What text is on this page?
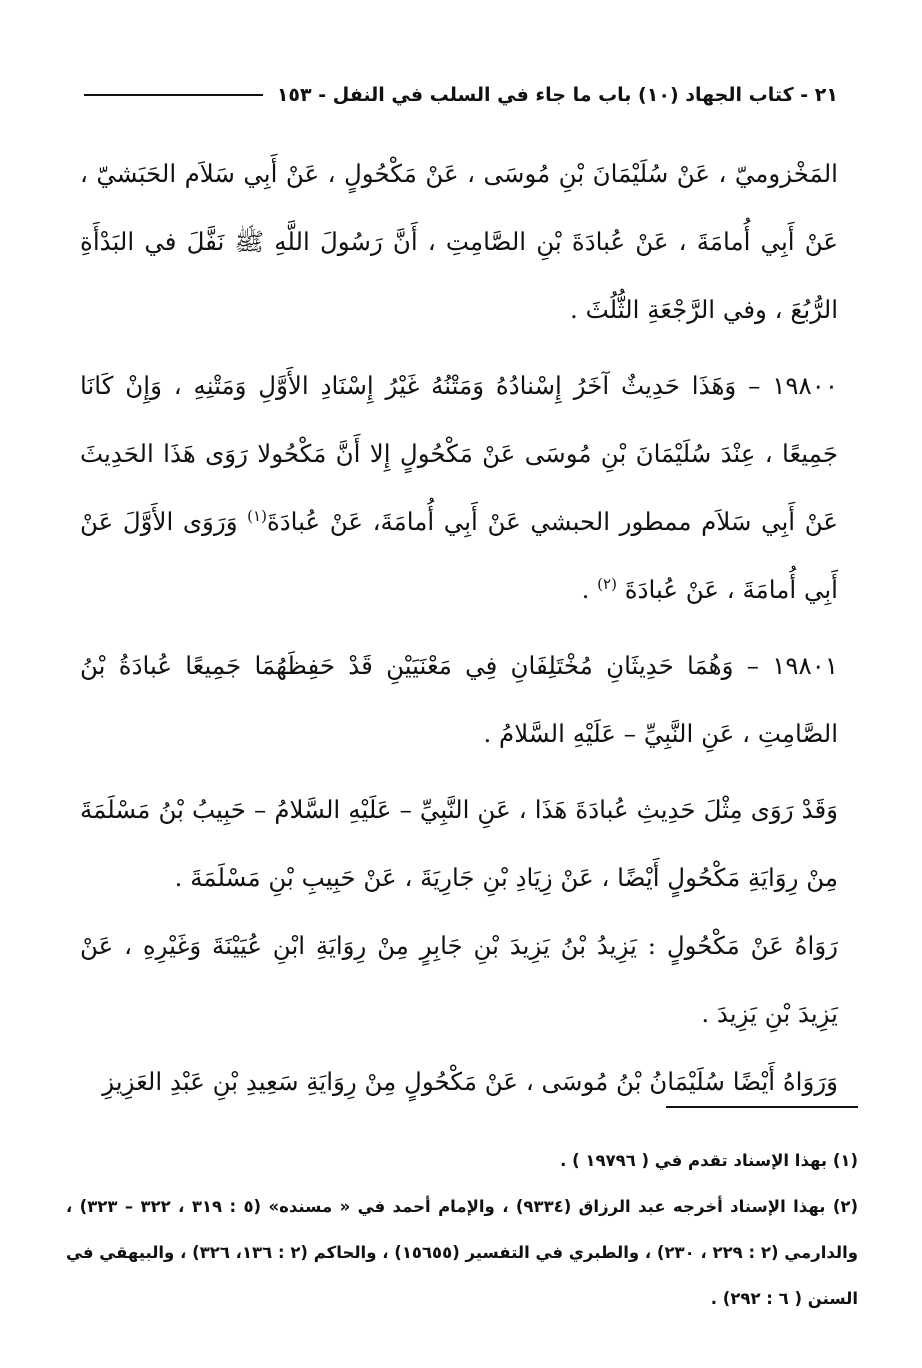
٢١ - كتاب الجهاد (١٠) باب ما جاء في السلب في النفل - ١٥٣

المَخْزوميّ ، عَنْ سُلَيْمَانَ بْنِ مُوسَى ، عَنْ مَكْحُولٍ ، عَنْ أَبِي سَلاَم الحَبَشيّ ، عَنْ أَبِي أُمامَةَ ، عَنْ عُبادَةَ بْنِ الصَّامِتِ ، أَنَّ رَسُولَ اللَّهِ ﷺ نَفَّلَ في البَدْأَةِ الرُّبُعَ ، وفي الرَّجْعَةِ الثُّلُثَ .

١٩٨٠٠ – وَهَذَا حَدِيثٌ آخَرُ إِسْنادُهُ وَمَتْنُهُ غَيْرُ إِسْنَادِ الأَوَّلِ وَمَتْنِهِ ، وَإِنْ كَانَا جَمِيعًا ، عِنْدَ سُلَيْمَانَ بْنِ مُوسَى عَنْ مَكْحُولٍ إِلا أَنَّ مَكْحُولا رَوَى هَذَا الحَدِيثَ عَنْ أَبِي سَلاَم ممطور الحبشي عَنْ أَبِي أُمامَةَ، عَنْ عُبادَةَ$^{(١)}$ وَرَوَى الأَوَّلَ عَنْ أَبِي أُمامَةَ ، عَنْ عُبادَةَ $^{(٢)}$ .

١٩٨٠١ – وَهُمَا حَدِيثَانِ مُخْتَلِفَانِ فِي مَعْنَيَيْنِ قَدْ حَفِظَهُمَا جَمِيعًا عُبادَةُ بْنُ الصَّامِتِ ، عَنِ النَّبِيِّ – عَلَيْهِ السَّلامُ .

وَقَدْ رَوَى مِثْلَ حَدِيثِ عُبادَةَ هَذَا ، عَنِ النَّبِيِّ – عَلَيْهِ السَّلامُ – حَبِيبُ بْنُ مَسْلَمَةَ مِنْ رِوَايَةِ مَكْحُولٍ أَيْضًا ، عَنْ زِيَادِ بْنِ جَارِيَةَ ، عَنْ حَبِيبِ بْنِ مَسْلَمَةَ .

رَوَاهُ عَنْ مَكْحُولٍ : يَزِيدُ بْنُ يَزِيدَ بْنِ جَابِرٍ مِنْ رِوَايَةِ ابْنِ عُيَيْنَةَ وَغَيْرِهِ ، عَنْ يَزِيدَ بْنِ يَزِيدَ .

وَرَوَاهُ أَيْضًا سُلَيْمَانُ بْنُ مُوسَى ، عَنْ مَكْحُولٍ مِنْ رِوَايَةِ سَعِيدِ بْنِ عَبْدِ العَزِيزِ

(١) بهذا الإسناد تقدم في ( ١٩٧٩٦ ) .

(٢) بهذا الإسناد أخرجه عبد الرزاق (٩٣٣٤) ، والإمام أحمد في « مسنده» (٥ : ٣١٩ ، ٣٢٢ – ٣٢٣) ، والدارمي (٢ : ٢٢٩ ، ٢٣٠) ، والطبري في التفسير (١٥٦٥٥) ، والحاكم (٢ : ١٣٦، ٣٢٦) ، والبيهقي في السنن ( ٦ : ٢٩٢) .
